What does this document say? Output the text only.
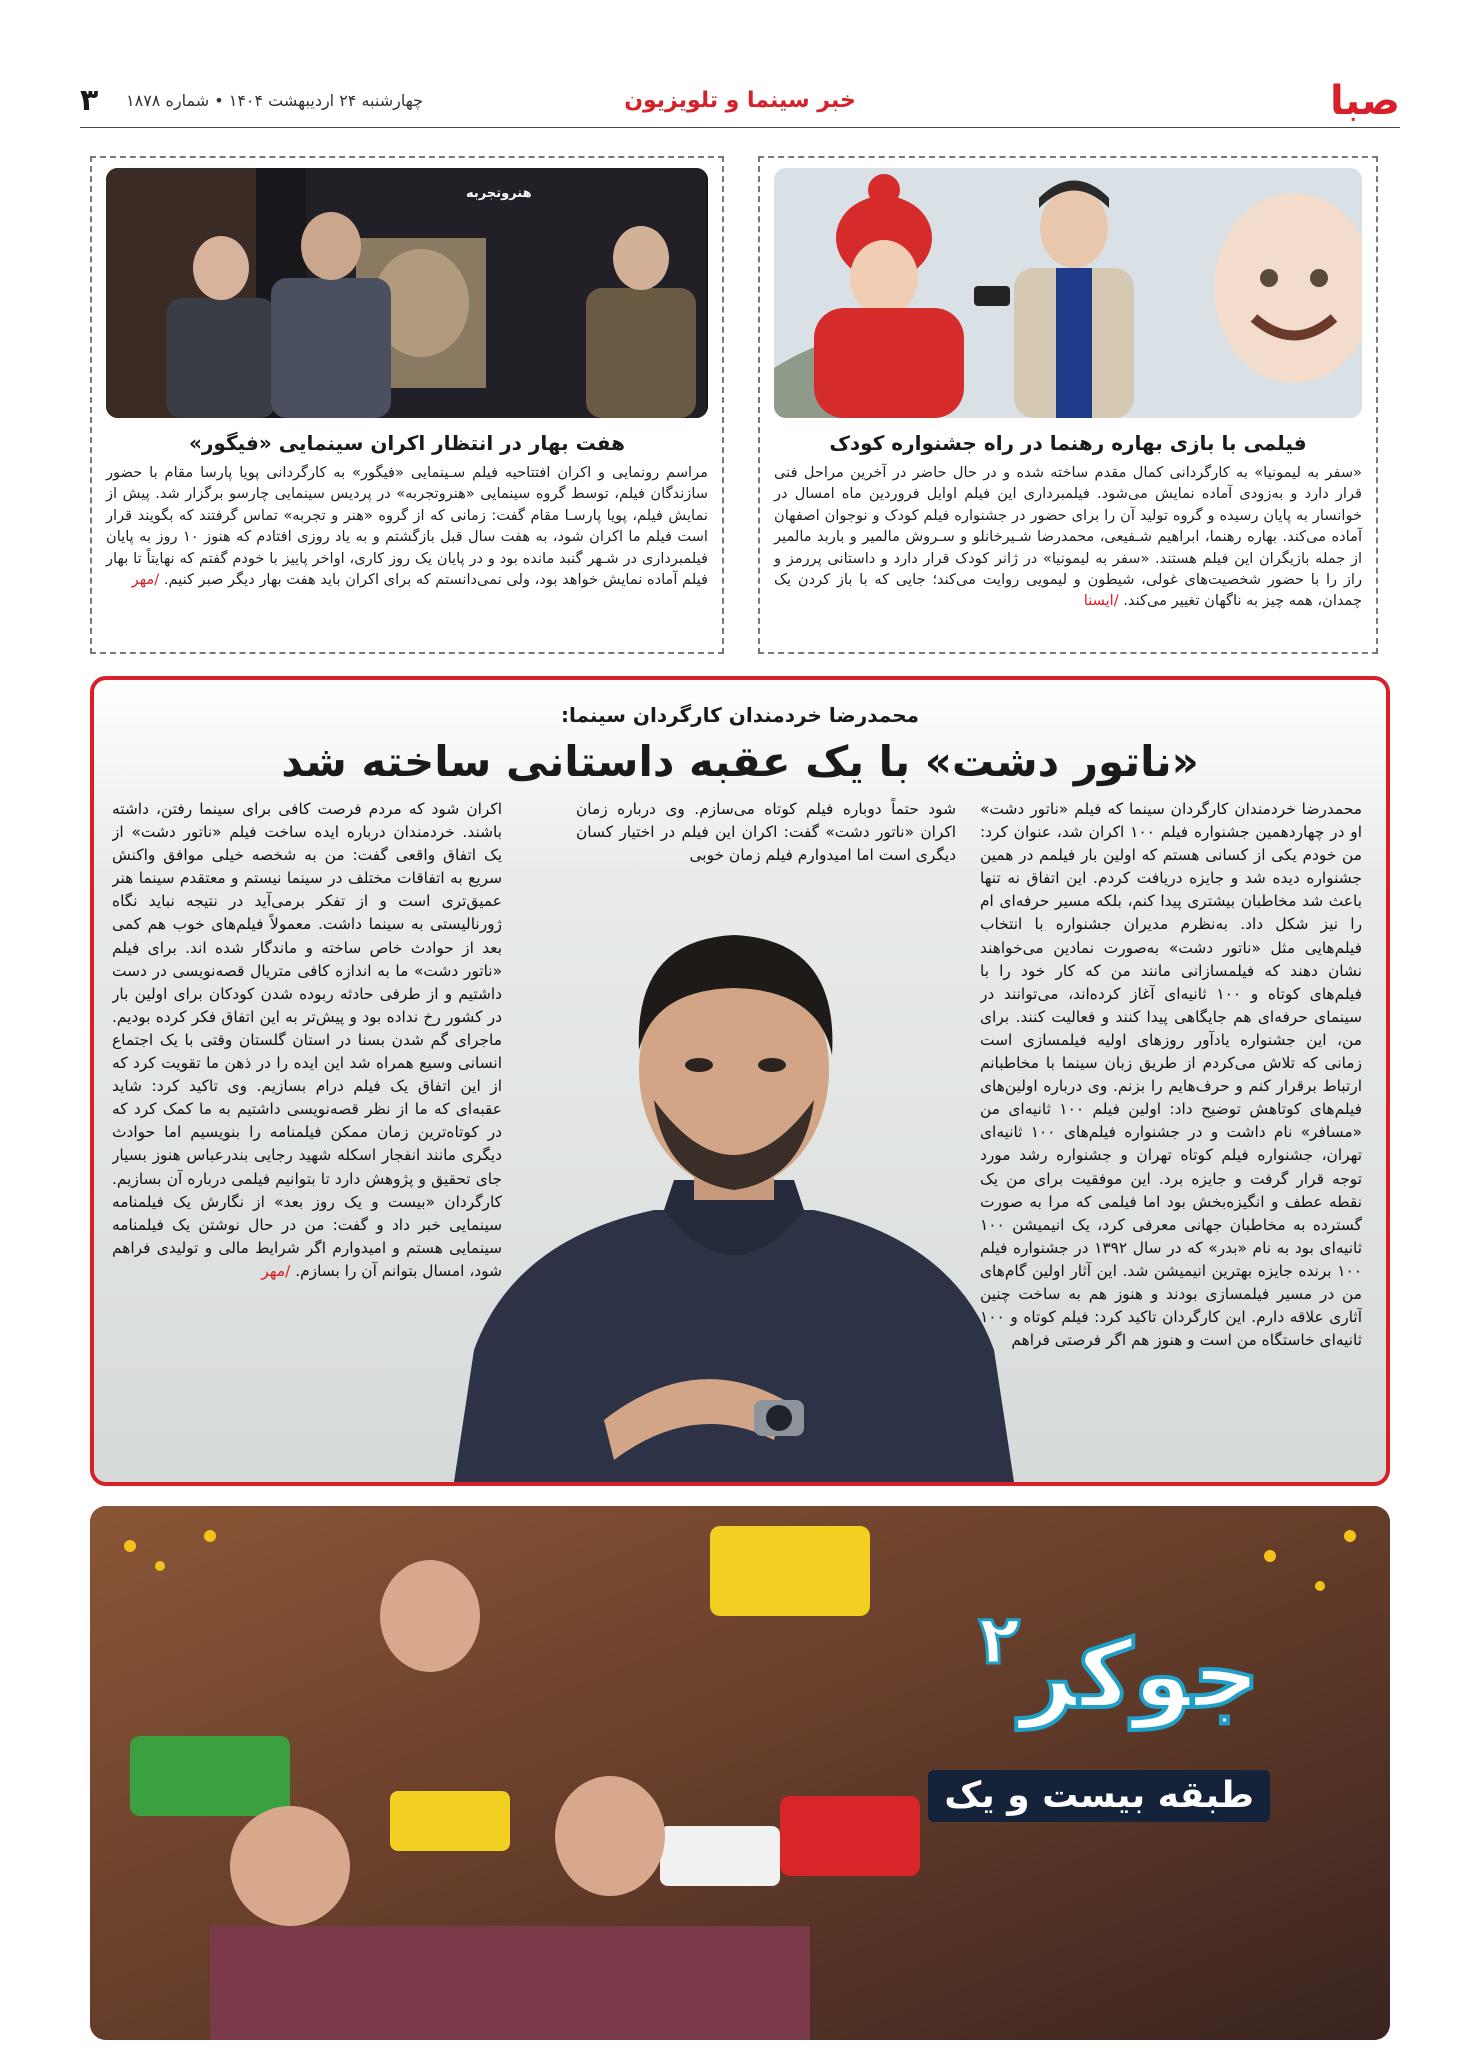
صبا
خبر سینما و تلویزیون
چهارشنبه ۲۴ اردیبهشت ۱۴۰۴ • شماره ۱۸۷۸
۳
فیلمی با بازی بهاره رهنما در راه جشنواره کودک
«سفر به لیمونیا» به کارگردانی کمال مقدم ساخته شده و در حال حاضر در آخرین مراحل فنی قرار دارد و به‌زودی آماده نمایش می‌شود. فیلمبرداری این فیلم اوایل فروردین ماه امسال در خوانسار به پایان رسیده و گروه تولید آن را برای حضور در جشنواره فیلم کودک و نوجوان اصفهان آماده می‌کند. بهاره رهنما، ابراهیم شـفیعی، محمدرضا شـیرخانلو و سـروش مالمیر و باربد مالمیر از جمله بازیگران این فیلم هستند. «سفر به لیمونیا» در ژانر کودک قرار دارد و داستانی پررمز و راز را با حضور شخصیت‌های غولی، شیطون و لیمویی روایت می‌کند؛ جایی که با باز کردن یک چمدان، همه چیز به ناگهان تغییر می‌کند. /ایسنا
هنروتجربه
هفت بهار در انتظار اکران سینمایی «فیگور»
مراسم رونمایی و اکران افتتاحیه فیلم سـینمایی «فیگور» به کارگردانی پویا پارسا مقام با حضور سازندگان فیلم، توسط گروه سینمایی «هنروتجربه» در پردیس سینمایی چارسو برگزار شد. پیش از نمایش فیلم، پویا پارسـا مقام گفت: زمانی که از گروه «هنر و تجربه» تماس گرفتند که بگویند قرار است فیلم ما اکران شود، به هفت سال قبل بازگشتم و به یاد روزی افتادم که هنوز ۱۰ روز به پایان فیلمبرداری در شـهر گنبد مانده بود و در پایان یک روز کاری، اواخر پاییز با خودم گفتم که نهایتاً تا بهار فیلم آماده نمایش خواهد بود، ولی نمی‌دانستم که برای اکران باید هفت بهار دیگر صبر کنیم. /مهر
محمدرضا خردمندان کارگردان سینما:
«ناتور دشت» با یک عقبه داستانی ساخته شد
محمدرضا خردمندان کارگردان سینما که فیلم «ناتور دشت» او در چهاردهمین جشنواره فیلم ۱۰۰ اکران شد، عنوان کرد: من خودم یکی از کسانی هستم که اولین بار فیلمم در همین جشنواره دیده شد و جایزه دریافت کردم. این اتفاق نه تنها باعث شد مخاطبان بیشتری پیدا کنم، بلکه مسیر حرفه‌ای ام را نیز شکل داد. به‌نظرم مدیران جشنواره با انتخاب فیلم‌هایی مثل «ناتور دشت» به‌صورت نمادین می‌خواهند نشان دهند که فیلمسازانی مانند من که کار خود را با فیلم‌های کوتاه و ۱۰۰ ثانیه‌ای آغاز کرده‌اند، می‌توانند در سینمای حرفه‌ای هم جایگاهی پیدا کنند و فعالیت کنند. برای من، این جشنواره یادآور روزهای اولیه فیلمسازی است زمانی که تلاش می‌کردم از طریق زبان سینما با مخاطبانم ارتباط برقرار کنم و حرف‌هایم را بزنم. وی درباره اولین‌های فیلم‌های کوتاهش توضیح داد: اولین فیلم ۱۰۰ ثانیه‌ای من «مسافر» نام داشت و در جشنواره فیلم‌های ۱۰۰ ثانیه‌ای تهران، جشنواره فیلم کوتاه تهران و جشنواره رشد مورد توجه قرار گرفت و جایزه برد. این موفقیت برای من یک نقطه عطف و انگیزه‌بخش بود اما فیلمی که مرا به صورت گسترده به مخاطبان جهانی معرفی کرد، یک انیمیشن ۱۰۰ ثانیه‌ای بود به نام «بدر» که در سال ۱۳۹۲ در جشنواره فیلم ۱۰۰ برنده جایزه بهترین انیمیشن شد. این آثار اولین گام‌های من در مسیر فیلمسازی بودند و هنوز هم به ساخت چنین آثاری علاقه دارم. این کارگردان تاکید کرد: فیلم کوتاه و ۱۰۰ ثانیه‌ای خاستگاه من است و هنوز هم اگر فرصتی فراهم
شود حتماً دوباره فیلم کوتاه می‌سازم. وی درباره زمان اکران «ناتور دشت» گفت: اکران این فیلم در اختیار کسان دیگری است اما امیدوارم فیلم زمان خوبی
اکران شود که مردم فرصت کافی برای سینما رفتن، داشته باشند. خردمندان درباره ایده ساخت فیلم «ناتور دشت» از یک اتفاق واقعی گفت: من به شخصه خیلی موافق واکنش سریع به اتفاقات مختلف در سینما نیستم و معتقدم سینما هنر عمیق‌تری است و از تفکر برمی‌آید در نتیجه نباید نگاه ژورنالیستی به سینما داشت. معمولاً فیلم‌های خوب هم کمی بعد از حوادث خاص ساخته و ماندگار شده اند. برای فیلم «ناتور دشت» ما به اندازه کافی متریال قصه‌نویسی در دست داشتیم و از طرفی حادثه ربوده شدن کودکان برای اولین بار در کشور رخ نداده بود و پیش‌تر به این اتفاق فکر کرده بودیم. ماجرای گم شدن بسنا در استان گلستان وقتی با یک اجتماع انسانی وسیع همراه شد این ایده را در ذهن ما تقویت کرد که از این اتفاق یک فیلم درام بسازیم. وی تاکید کرد: شاید عقبه‌ای که ما از نظر قصه‌نویسی داشتیم به ما کمک کرد که در کوتاه‌ترین زمان ممکن فیلمنامه را بنویسیم اما حوادث دیگری مانند انفجار اسکله شهید رجایی بندرعباس هنوز بسیار جای تحقیق و پژوهش دارد تا بتوانیم فیلمی درباره آن بسازیم. کارگردان «بیست و یک روز بعد» از نگارش یک فیلمنامه سینمایی خبر داد و گفت: من در حال نوشتن یک فیلمنامه سینمایی هستم و امیدوارم اگر شرایط مالی و تولیدی فراهم شود، امسال بتوانم آن را بسازم. /مهر
جوکر
۲
طبقه بیست و یک
